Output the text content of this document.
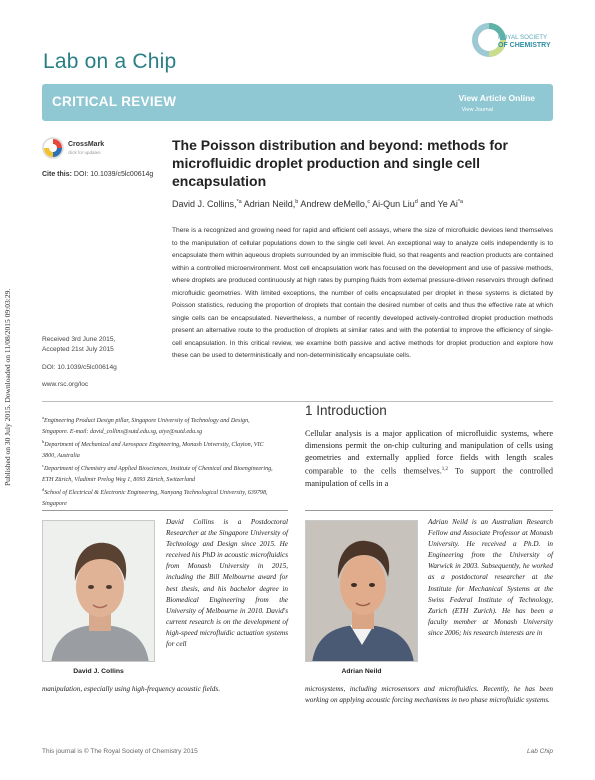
Published on 30 July 2015. Downloaded on 11/08/2015 09:03:29.
Lab on a Chip
ROYAL SOCIETY
OF CHEMISTRY
CRITICAL REVIEW	View Article Online
View Journal
CrossMark
click for updates
Cite this: DOI: 10.1039/c5lc00614g
The Poisson distribution and beyond: methods for microfluidic droplet production and single cell encapsulation
David J. Collins,$^{*a}$ Adrian Neild,$^b$ Andrew deMello,$^c$ Ai-Qun Liu$^d$ and Ye Ai$^{*a}$
There is a recognized and growing need for rapid and efficient cell assays, where the size of microfluidic devices lend themselves to the manipulation of cellular populations down to the single cell level. An exceptional way to analyze cells independently is to encapsulate them within aqueous droplets surrounded by an immiscible fluid, so that reagents and reaction products are contained within a controlled microenvironment. Most cell encapsulation work has focused on the development and use of passive methods, where droplets are produced continuously at high rates by pumping fluids from external pressure-driven reservoirs through defined microfluidic geometries. With limited exceptions, the number of cells encapsulated per droplet in these systems is dictated by Poisson statistics, reducing the proportion of droplets that contain the desired number of cells and thus the effective rate at which single cells can be encapsulated. Nevertheless, a number of recently developed actively-controlled droplet production methods present an alternative route to the production of droplets at similar rates and with the potential to improve the efficiency of single-cell encapsulation. In this critical review, we examine both passive and active methods for droplet production and explore how these can be used to deterministically and non-deterministically encapsulate cells.
Received 3rd June 2015,
Accepted 21st July 2015
DOI: 10.1039/c5lc00614g
www.rsc.org/loc

$^a$Engineering Product Design pillar, Singapore University of Technology and Design, Singapore. E-mail: david_collins@sutd.edu.sg, aiye@sutd.edu.sg

$^b$Department of Mechanical and Aerospace Engineering, Monash University, Clayton, VIC 3800, Australia

$^c$Department of Chemistry and Applied Biosciences, Institute of Chemical and Bioengineering, ETH Zürich, Vladimir Prelog Weg 1, 8093 Zürich, Switzerland

$^d$School of Electrical & Electronic Engineering, Nanyang Technological University, 639798, Singapore

1 Introduction
Cellular analysis is a major application of microfluidic systems, where dimensions permit the on-chip culturing and manipulation of cells using geometries and externally applied force fields with length scales comparable to the cells themselves.$^{1,2}$ To support the controlled manipulation of cells in a
David J. Collins
David Collins is a Postdoctoral Researcher at the Singapore University of Technology and Design since 2015. He received his PhD in acoustic microfluidics from Monash University in 2015, including the Bill Melbourne award for best thesis, and his bachelor degree in Biomedical Engineering from the University of Melbourne in 2010. David's current research is on the development of high-speed microfluidic actuation systems for cell
manipulation, especially using high-frequency acoustic fields.
Adrian Neild
Adrian Neild is an Australian Research Fellow and Associate Professor at Monash University. He received a Ph.D. in Engineering from the University of Warwick in 2003. Subsequently, he worked as a postdoctoral researcher at the Institute for Mechanical Systems at the Swiss Federal Institute of Technology, Zurich (ETH Zurich). He has been a faculty member at Monash University since 2006; his research interests are in
microsystems, including microsensors and microfluidics. Recently, he has been working on applying acoustic forcing mechanisms in two phase microfluidic systems.
This journal is © The Royal Society of Chemistry 2015	Lab Chip
